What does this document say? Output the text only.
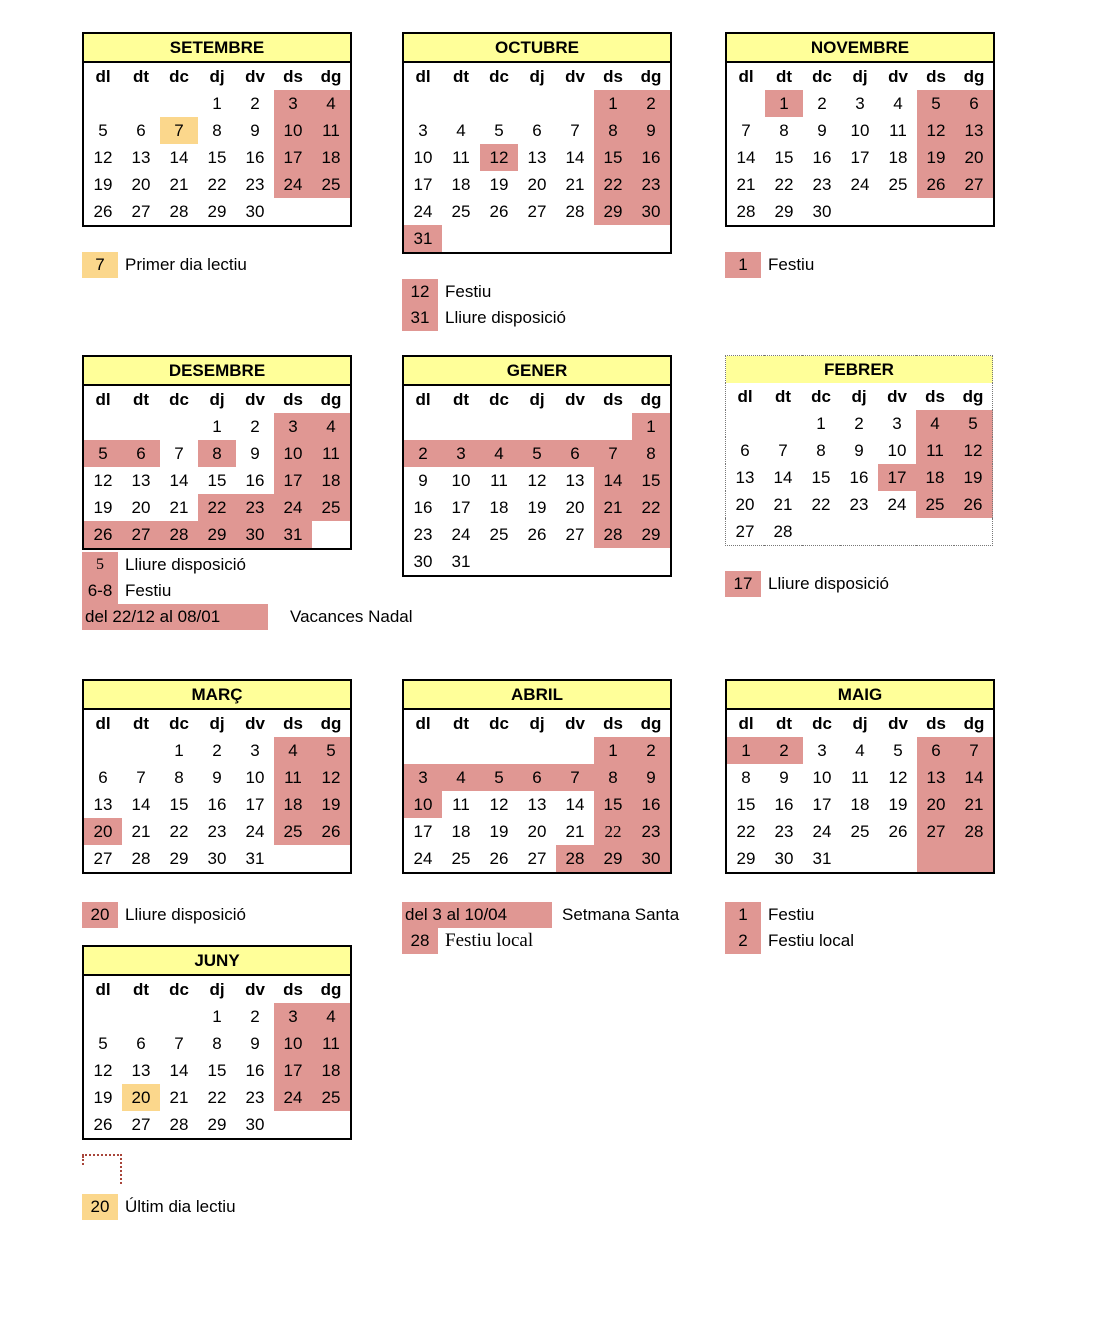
SETEMBRE						
dl	dt	dc	dj	dv	ds	dg
			1	2	3	4
5	6	7	8	9	10	11
12	13	14	15	16	17	18
19	20	21	22	23	24	25
26	27	28	29	30		
7	Primer dia lectiu
OCTUBRE						
dl	dt	dc	dj	dv	ds	dg
					1	2
3	4	5	6	7	8	9
10	11	12	13	14	15	16
17	18	19	20	21	22	23
24	25	26	27	28	29	30
31						
12 Festiu
31 Lliure disposició
NOVEMBRE						
dl	dt	dc	dj	dv	ds	dg
	1	2	3	4	5	6
7	8	9	10	11	12	13
14	15	16	17	18	19	20
21	22	23	24	25	26	27
28	29	30				
1	Festiu
DESEMBRE						
dl	dt	dc	dj	dv	ds	dg
			1	2	3	4
5	6	7	8	9	10	11
12	13	14	15	16	17	18
19	20	21	22	23	24	25
26	27	28	29	30	31	
5	Lliure disposició
6-8 Festiu
del 22/12 al 08/01	Vacances Nadal
GENER						
dl	dt	dc	dj	dv	ds	dg
						1
2	3	4	5	6	7	8
9	10	11	12	13	14	15
16	17	18	19	20	21	22
23	24	25	26	27	28	29
30	31					
FEBRER						
dl	dt	dc	dj	dv	ds	dg
		1	2	3	4	5
6	7	8	9	10	11	12
13	14	15	16	17	18	19
20	21	22	23	24	25	26
27	28					
17 Lliure disposició
MARÇ						
dl	dt	dc	dj	dv	ds	dg
		1	2	3	4	5
6	7	8	9	10	11	12
13	14	15	16	17	18	19
20	21	22	23	24	25	26
27	28	29	30	31		
20 Lliure disposició
ABRIL						
dl	dt	dc	dj	dv	ds	dg
					1	2
3	4	5	6	7	8	9
10	11	12	13	14	15	16
17	18	19	20	21	22	23
24	25	26	27	28	29	30
del 3 al 10/04	Setmana Santa
28 Festiu local
MAIG						
dl	dt	dc	dj	dv	ds	dg
1	2	3	4	5	6	7
8	9	10	11	12	13	14
15	16	17	18	19	20	21
22	23	24	25	26	27	28
29	30	31				
1	Festiu
2	Festiu local
JUNY						
dl	dt	dc	dj	dv	ds	dg
			1	2	3	4
5	6	7	8	9	10	11
12	13	14	15	16	17	18
19	20	21	22	23	24	25
26	27	28	29	30		
20 Últim dia lectiu
